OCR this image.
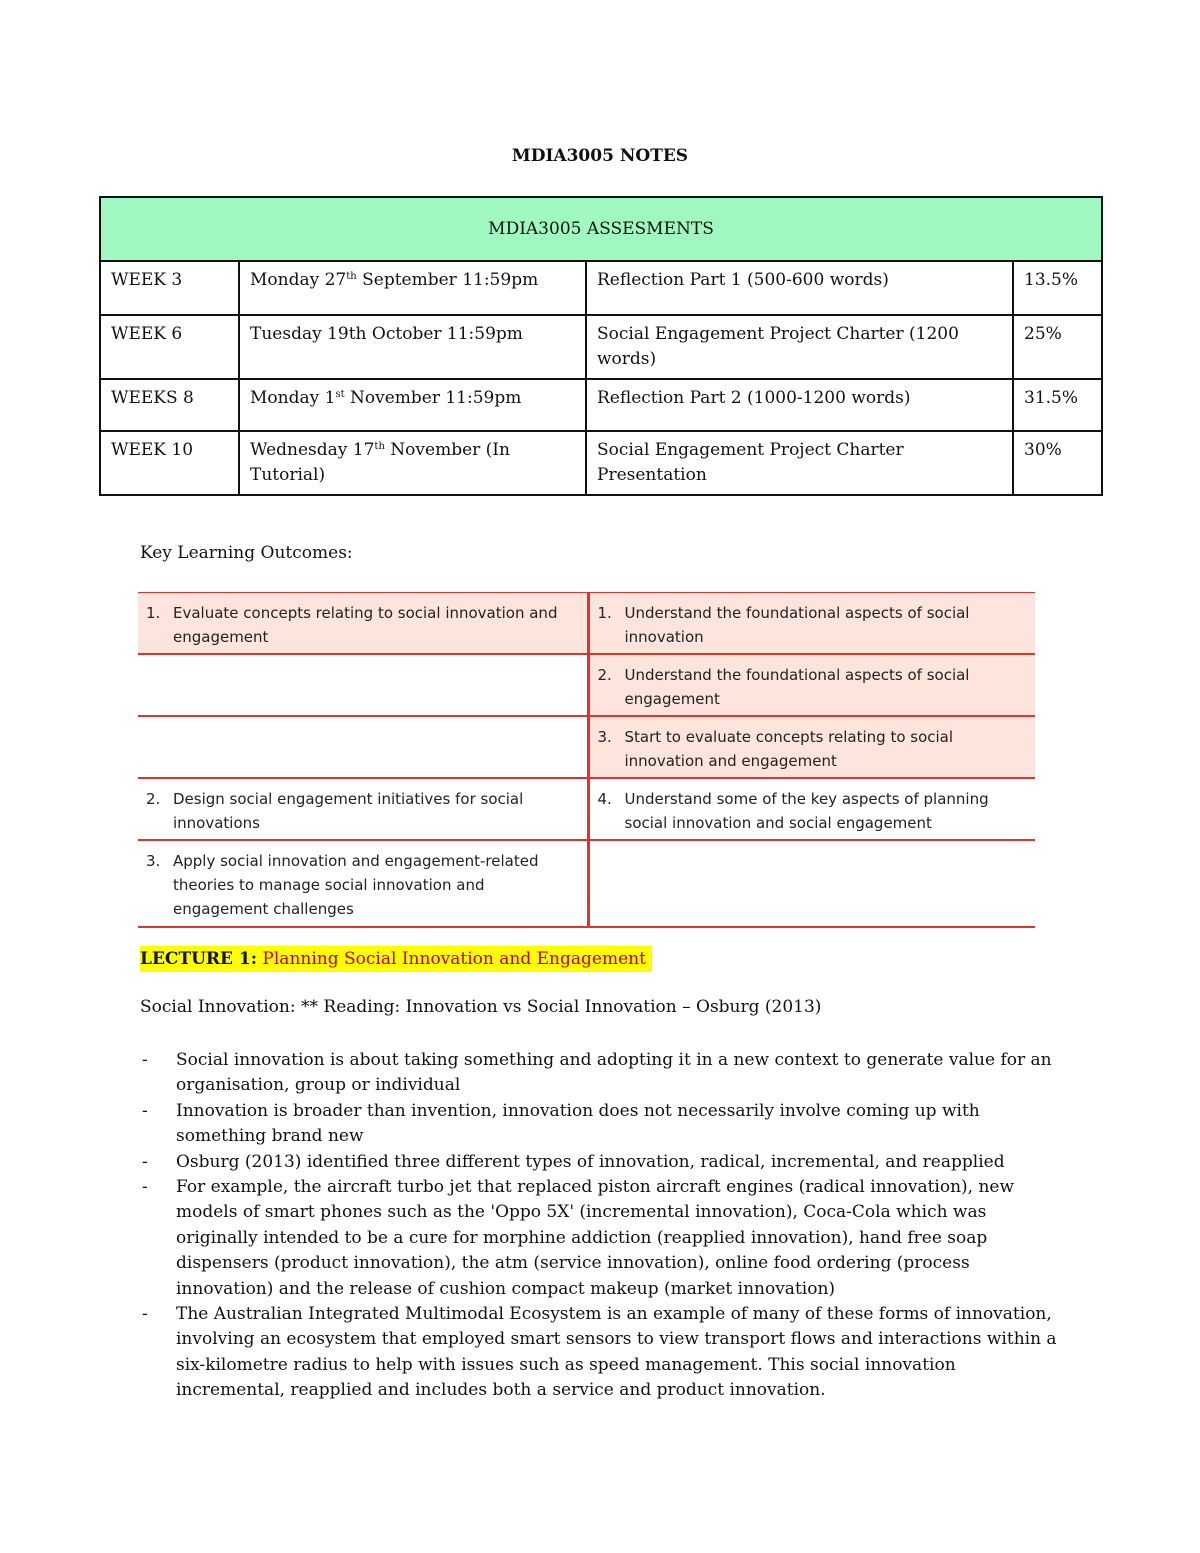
MDIA3005 NOTES
MDIA3005 ASSESMENTS			
WEEK 3	Monday 27th September 11:59pm	Reflection Part 1 (500-600 words)	13.5%
WEEK 6	Tuesday 19th October 11:59pm	Social Engagement Project Charter (1200 words)	25%
WEEKS 8	Monday 1st November 11:59pm	Reflection Part 2 (1000-1200 words)	31.5%
WEEK 10	Wednesday 17th November (In Tutorial)	Social Engagement Project Charter Presentation	30%
Key Learning Outcomes:
1. Evaluate concepts relating to social innovation and engagement	1. Understand the foundational aspects of social innovation

	2. Understand the foundational aspects of social engagement

	3. Start to evaluate concepts relating to social innovation and engagement

2. Design social engagement initiatives for social innovations	4. Understand some of the key aspects of planning social innovation and social engagement

3. Apply social innovation and engagement-related theories to manage social innovation and engagement challenges	

LECTURE 1: Planning Social Innovation and Engagement
Social Innovation: ** Reading: Innovation vs Social Innovation – Osburg (2013)
- Social innovation is about taking something and adopting it in a new context to generate value for an organisation, group or individual
- Innovation is broader than invention, innovation does not necessarily involve coming up with something brand new
- Osburg (2013) identified three different types of innovation, radical, incremental, and reapplied
- For example, the aircraft turbo jet that replaced piston aircraft engines (radical innovation), new models of smart phones such as the 'Oppo 5X' (incremental innovation), Coca-Cola which was originally intended to be a cure for morphine addiction (reapplied innovation), hand free soap dispensers (product innovation), the atm (service innovation), online food ordering (process innovation) and the release of cushion compact makeup (market innovation)
- The Australian Integrated Multimodal Ecosystem is an example of many of these forms of innovation, involving an ecosystem that employed smart sensors to view transport flows and interactions within a six-kilometre radius to help with issues such as speed management. This social innovation incremental, reapplied and includes both a service and product innovation.
